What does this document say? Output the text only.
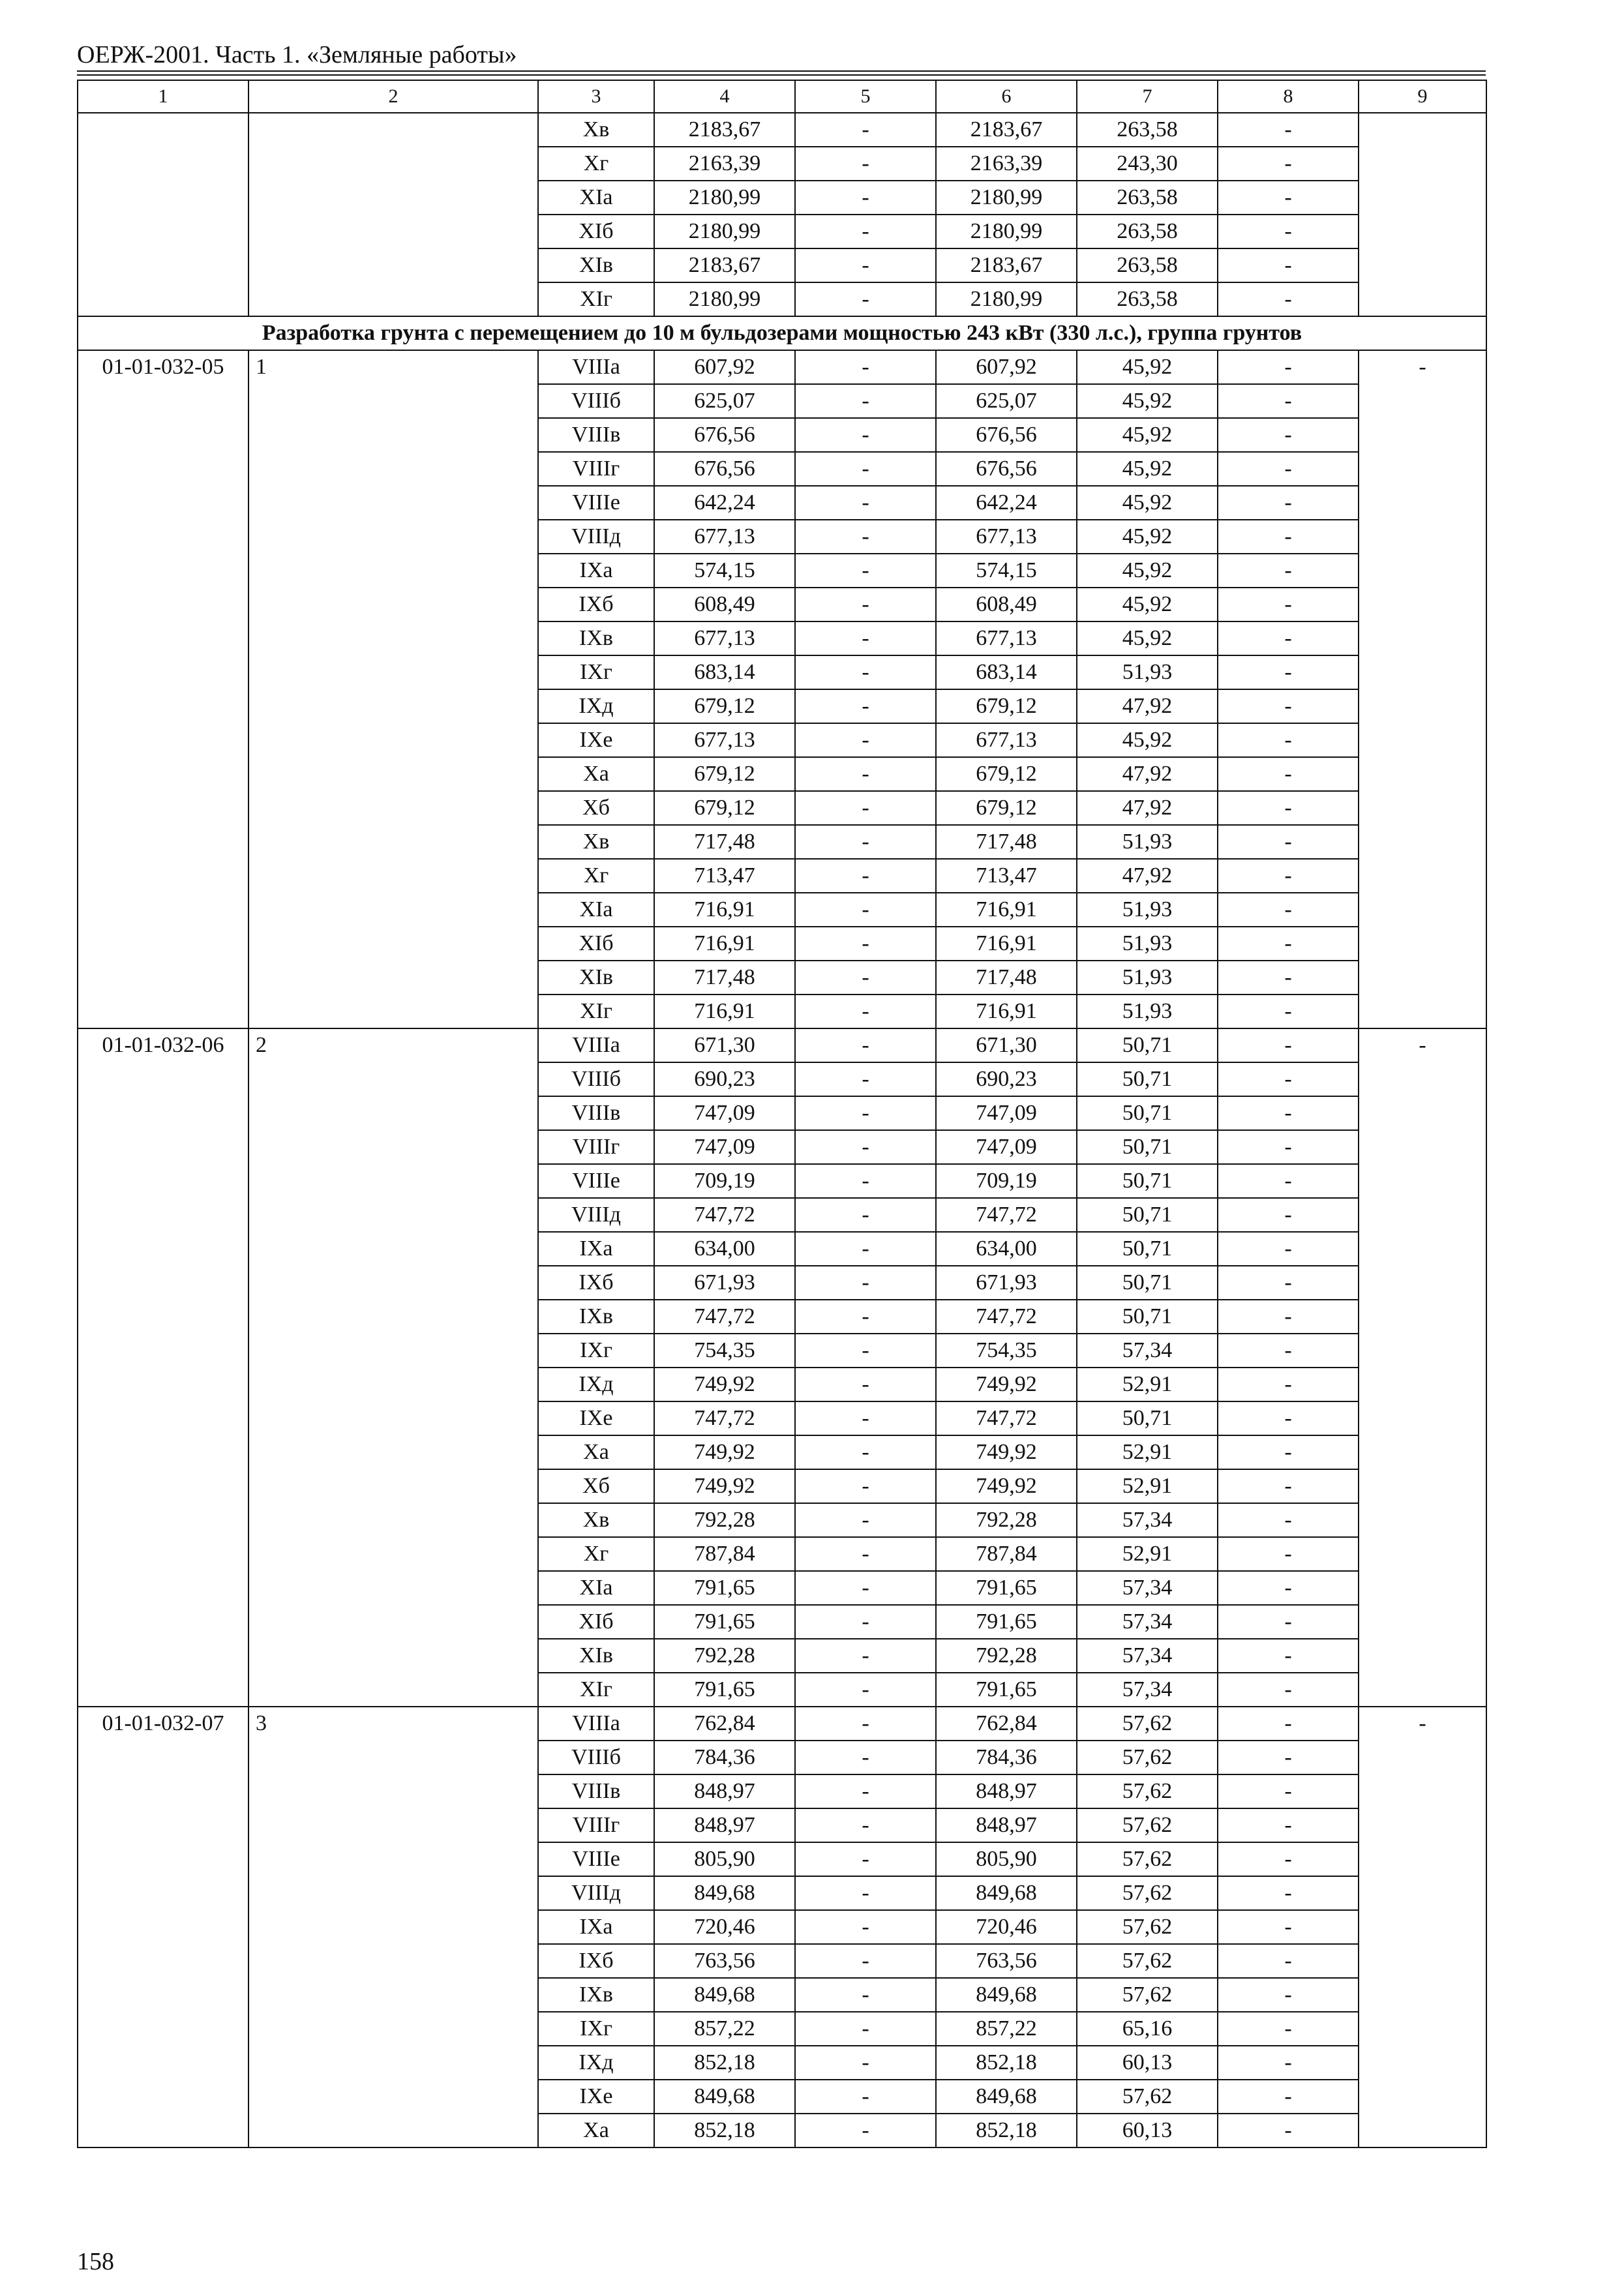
ОЕРЖ-2001. Часть 1. «Земляные работы»
1	2	3	4	5	6	7	8	9
		Xв	2183,67	-	2183,67	263,58	-	
		Xг	2163,39	-	2163,39	243,30	-	
		XIа	2180,99	-	2180,99	263,58	-	
		XIб	2180,99	-	2180,99	263,58	-	
		XIв	2183,67	-	2183,67	263,58	-	
		XIг	2180,99	-	2180,99	263,58	-	
Разработка грунта с перемещением до 10 м бульдозерами мощностью 243 кВт (330 л.с.), группа грунтов								
01-01-032-05	1	VIIIа	607,92	-	607,92	45,92	-	-
		VIIIб	625,07	-	625,07	45,92	-	
		VIIIв	676,56	-	676,56	45,92	-	
		VIIIг	676,56	-	676,56	45,92	-	
		VIIIе	642,24	-	642,24	45,92	-	
		VIIIд	677,13	-	677,13	45,92	-	
		IXа	574,15	-	574,15	45,92	-	
		IXб	608,49	-	608,49	45,92	-	
		IXв	677,13	-	677,13	45,92	-	
		IXг	683,14	-	683,14	51,93	-	
		IXд	679,12	-	679,12	47,92	-	
		IXе	677,13	-	677,13	45,92	-	
		Xа	679,12	-	679,12	47,92	-	
		Xб	679,12	-	679,12	47,92	-	
		Xв	717,48	-	717,48	51,93	-	
		Xг	713,47	-	713,47	47,92	-	
		XIа	716,91	-	716,91	51,93	-	
		XIб	716,91	-	716,91	51,93	-	
		XIв	717,48	-	717,48	51,93	-	
		XIг	716,91	-	716,91	51,93	-	
01-01-032-06	2	VIIIа	671,30	-	671,30	50,71	-	-
		VIIIб	690,23	-	690,23	50,71	-	
		VIIIв	747,09	-	747,09	50,71	-	
		VIIIг	747,09	-	747,09	50,71	-	
		VIIIе	709,19	-	709,19	50,71	-	
		VIIIд	747,72	-	747,72	50,71	-	
		IXа	634,00	-	634,00	50,71	-	
		IXб	671,93	-	671,93	50,71	-	
		IXв	747,72	-	747,72	50,71	-	
		IXг	754,35	-	754,35	57,34	-	
		IXд	749,92	-	749,92	52,91	-	
		IXе	747,72	-	747,72	50,71	-	
		Xа	749,92	-	749,92	52,91	-	
		Xб	749,92	-	749,92	52,91	-	
		Xв	792,28	-	792,28	57,34	-	
		Xг	787,84	-	787,84	52,91	-	
		XIа	791,65	-	791,65	57,34	-	
		XIб	791,65	-	791,65	57,34	-	
		XIв	792,28	-	792,28	57,34	-	
		XIг	791,65	-	791,65	57,34	-	
01-01-032-07	3	VIIIа	762,84	-	762,84	57,62	-	-
		VIIIб	784,36	-	784,36	57,62	-	
		VIIIв	848,97	-	848,97	57,62	-	
		VIIIг	848,97	-	848,97	57,62	-	
		VIIIе	805,90	-	805,90	57,62	-	
		VIIIд	849,68	-	849,68	57,62	-	
		IXа	720,46	-	720,46	57,62	-	
		IXб	763,56	-	763,56	57,62	-	
		IXв	849,68	-	849,68	57,62	-	
		IXг	857,22	-	857,22	65,16	-	
		IXд	852,18	-	852,18	60,13	-	
		IXе	849,68	-	849,68	57,62	-	
		Xа	852,18	-	852,18	60,13	-	
158
